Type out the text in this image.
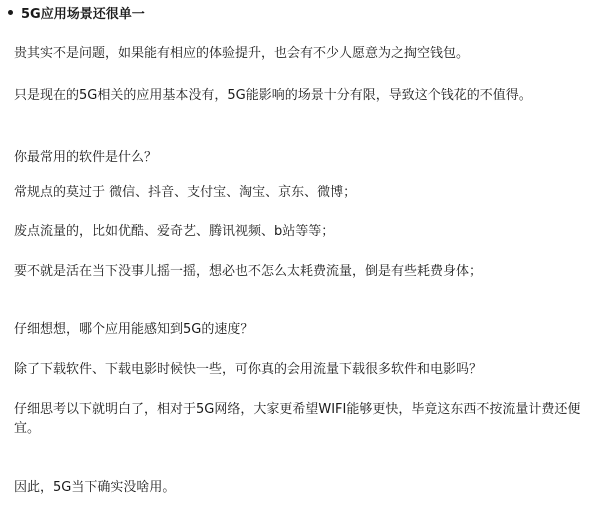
5G应用场景还很单一

贵其实不是问题，如果能有相应的体验提升，也会有不少人愿意为之掏空钱包。

只是现在的5G相关的应用基本没有，5G能影响的场景十分有限，导致这个钱花的不值得。

你最常用的软件是什么？

常规点的莫过于 微信、抖音、支付宝、淘宝、京东、微博；

废点流量的，比如优酷、爱奇艺、腾讯视频、b站等等；

要不就是活在当下没事儿摇一摇，想必也不怎么太耗费流量，倒是有些耗费身体；

仔细想想，哪个应用能感知到5G的速度？

除了下载软件、下载电影时候快一些，可你真的会用流量下载很多软件和电影吗？

仔细思考以下就明白了，相对于5G网络，大家更希望WIFI能够更快，毕竟这东西不按流量计费还便宜。

因此，5G当下确实没啥用。
